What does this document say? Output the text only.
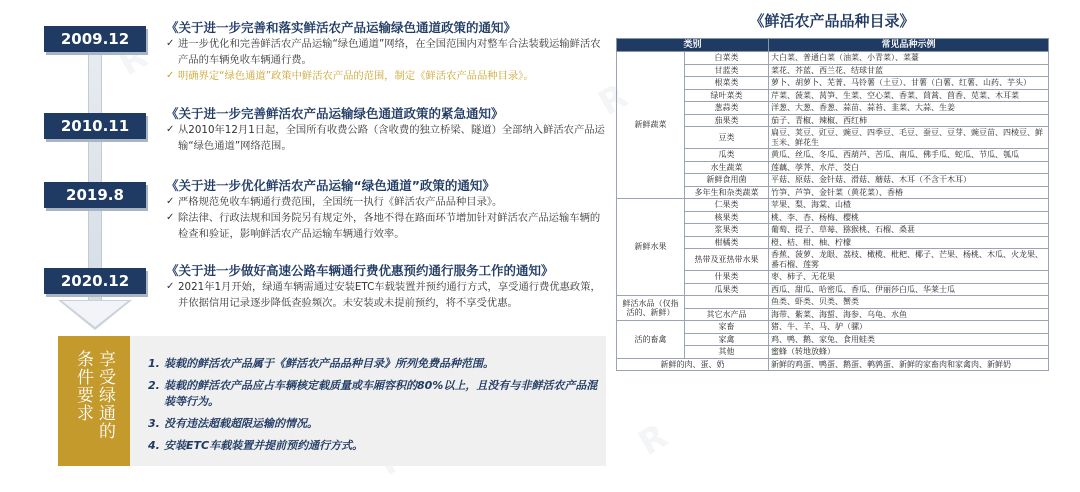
R
R
R
2009.12
《关于进一步完善和落实鲜活农产品运输绿色通道政策的通知》
✓ 进一步优化和完善鲜活农产品运输“绿色通道”网络，在全国范围内对整车合法装载运输鲜活农产品的车辆免收车辆通行费。
✓ 明确界定“绿色通道”政策中鲜活农产品的范围，制定《鲜活农产品品种目录》。
2010.11
《关于进一步完善鲜活农产品运输绿色通道政策的紧急通知》
✓ 从2010年12月1日起，全国所有收费公路（含收费的独立桥梁、隧道）全部纳入鲜活农产品运输“绿色通道”网络范围。
2019.8
《关于进一步优化鲜活农产品运输“绿色通道”政策的通知》
✓ 严格规范免收车辆通行费范围，全国统一执行《鲜活农产品品种目录》。
✓ 除法律、行政法规和国务院另有规定外，各地不得在路面环节增加针对鲜活农产品运输车辆的检查和验证，影响鲜活农产品运输车辆通行效率。
2020.12
《关于进一步做好高速公路车辆通行费优惠预约通行服务工作的通知》
✓ 2021年1月开始，绿通车辆需通过安装ETC车载装置并预约通行方式，享受通行费优惠政策，并依据信用记录逐步降低查验频次。未安装或未提前预约，将不享受优惠。
享受绿通的
条件要求	1. 装载的鲜活农产品属于《鲜活农产品品种目录》所列免费品种范围。
2. 装载的鲜活农产品应占车辆核定载质量或车厢容积的80%以上，且没有与非鲜活农产品混装等行为。
3. 没有违法超载超限运输的情况。
4. 安装ETC车载装置并提前预约通行方式。
《鲜活农产品品种目录》
类别		常见品种示例
新鲜蔬菜	白菜类	大白菜、普通白菜（油菜、小青菜）、菜薹
	甘蓝类	菜花、芥蓝、西兰花、结球甘蓝
	根菜类	萝卜、胡萝卜、芜菁、马铃薯（土豆）、甘薯（白薯、红薯、山药、芋头）
	绿叶菜类	芹菜、菠菜、莴笋、生菜、空心菜、香菜、茼蒿、茴香、苋菜、木耳菜
	葱蒜类	洋葱、大葱、香葱、蒜苗、蒜苔、韭菜、大蒜、生姜
	茄果类	茄子、青椒、辣椒、西红柿
	豆类	扁豆、荚豆、豇豆、豌豆、四季豆、毛豆、蚕豆、豆芽、豌豆苗、四棱豆、鲜玉米、鲜花生
	瓜类	黄瓜、丝瓜、冬瓜、西葫芦、苦瓜、南瓜、佛手瓜、蛇瓜、节瓜、瓠瓜
	水生蔬菜	莲藕、荸荠、水芹、茭白
	新鲜食用菌	平菇、原菇、金针菇、滑菇、蘑菇、木耳（不含干木耳）
	多年生和杂类蔬菜	竹笋、芦笋、金针菜（黄花菜）、香椿
新鲜水果	仁果类	苹果、梨、海棠、山楂
	核果类	桃、李、杏、杨梅、樱桃
	浆果类	葡萄、提子、草莓、猕猴桃、石榴、桑葚
	柑橘类	橙、桔、柑、柚、柠檬
	热带及亚热带水果	香蕉、菠萝、龙眼、荔枝、橄榄、枇杷、椰子、芒果、杨桃、木瓜、火龙果、番石榴、莲雾
	什果类	枣、柿子、无花果
	瓜果类	西瓜、甜瓜、哈密瓜、香瓜、伊丽莎白瓜、华莱士瓜
鲜活水品（仅指活的、新鲜）		鱼类、虾类、贝类、蟹类
	其它水产品	海带、紫菜、海蜇、海参、乌龟、水鱼
活的畜禽	家畜	猪、牛、羊、马、驴（骡）
	家禽	鸡、鸭、鹅、家兔、食用蛙类
	其他	蜜蜂（转地放蜂）
新鲜的肉、蛋、奶		新鲜的鸡蛋、鸭蛋、鹅蛋、鹌鹑蛋、新鲜的家畜肉和家禽肉、新鲜奶
